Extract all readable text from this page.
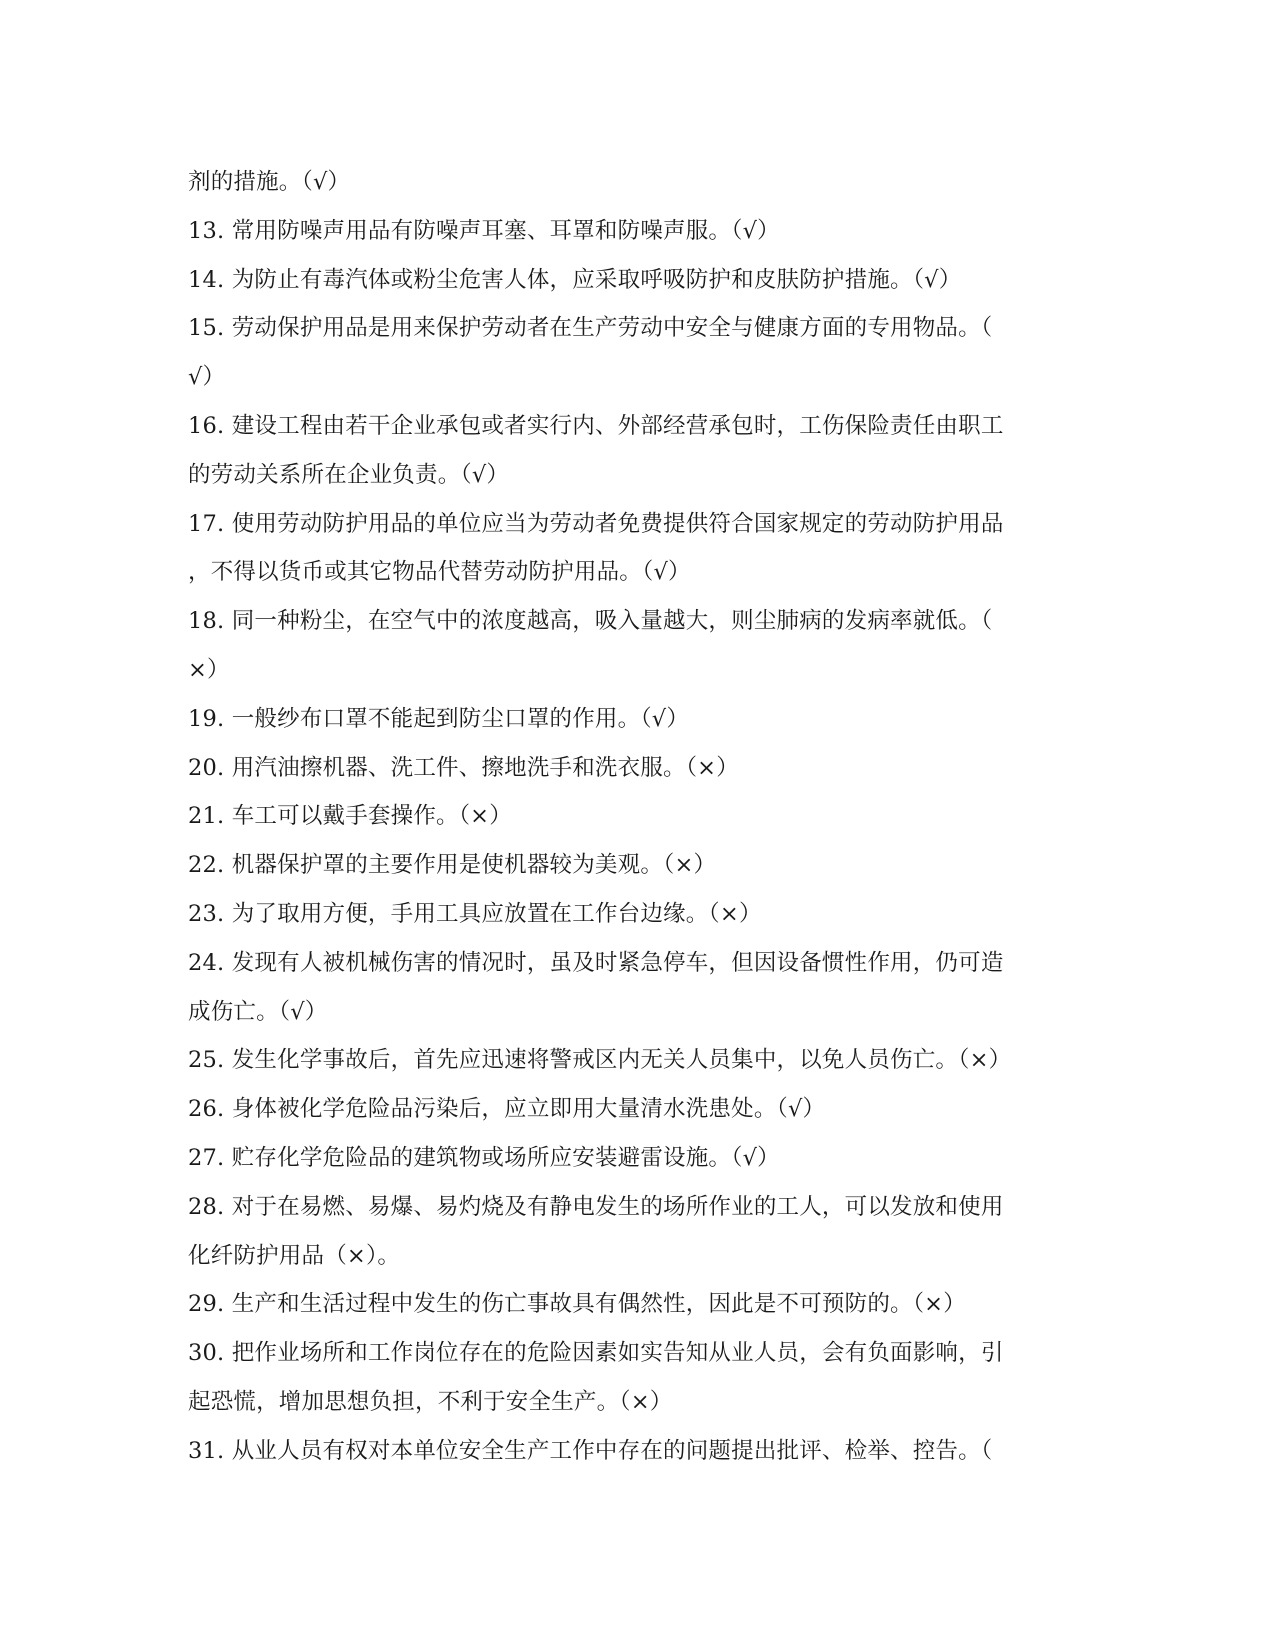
剂的措施。（√）
13. 常用防噪声用品有防噪声耳塞、耳罩和防噪声服。（√）
14. 为防止有毒汽体或粉尘危害人体，应采取呼吸防护和皮肤防护措施。（√）
15. 劳动保护用品是用来保护劳动者在生产劳动中安全与健康方面的专用物品。（
√）
16. 建设工程由若干企业承包或者实行内、外部经营承包时，工伤保险责任由职工
的劳动关系所在企业负责。（√）
17. 使用劳动防护用品的单位应当为劳动者免费提供符合国家规定的劳动防护用品
，不得以货币或其它物品代替劳动防护用品。（√）
18. 同一种粉尘，在空气中的浓度越高，吸入量越大，则尘肺病的发病率就低。（
×）
19. 一般纱布口罩不能起到防尘口罩的作用。（√）
20. 用汽油擦机器、洗工件、擦地洗手和洗衣服。（×）
21. 车工可以戴手套操作。（×）
22. 机器保护罩的主要作用是使机器较为美观。（×）
23. 为了取用方便，手用工具应放置在工作台边缘。（×）
24. 发现有人被机械伤害的情况时，虽及时紧急停车，但因设备惯性作用，仍可造
成伤亡。（√）
25. 发生化学事故后，首先应迅速将警戒区内无关人员集中，以免人员伤亡。（×）
26. 身体被化学危险品污染后，应立即用大量清水洗患处。（√）
27. 贮存化学危险品的建筑物或场所应安装避雷设施。（√）
28. 对于在易燃、易爆、易灼烧及有静电发生的场所作业的工人，可以发放和使用
化纤防护用品（×）。
29. 生产和生活过程中发生的伤亡事故具有偶然性，因此是不可预防的。（×）
30. 把作业场所和工作岗位存在的危险因素如实告知从业人员，会有负面影响，引
起恐慌，增加思想负担，不利于安全生产。（×）
31. 从业人员有权对本单位安全生产工作中存在的问题提出批评、检举、控告。（
